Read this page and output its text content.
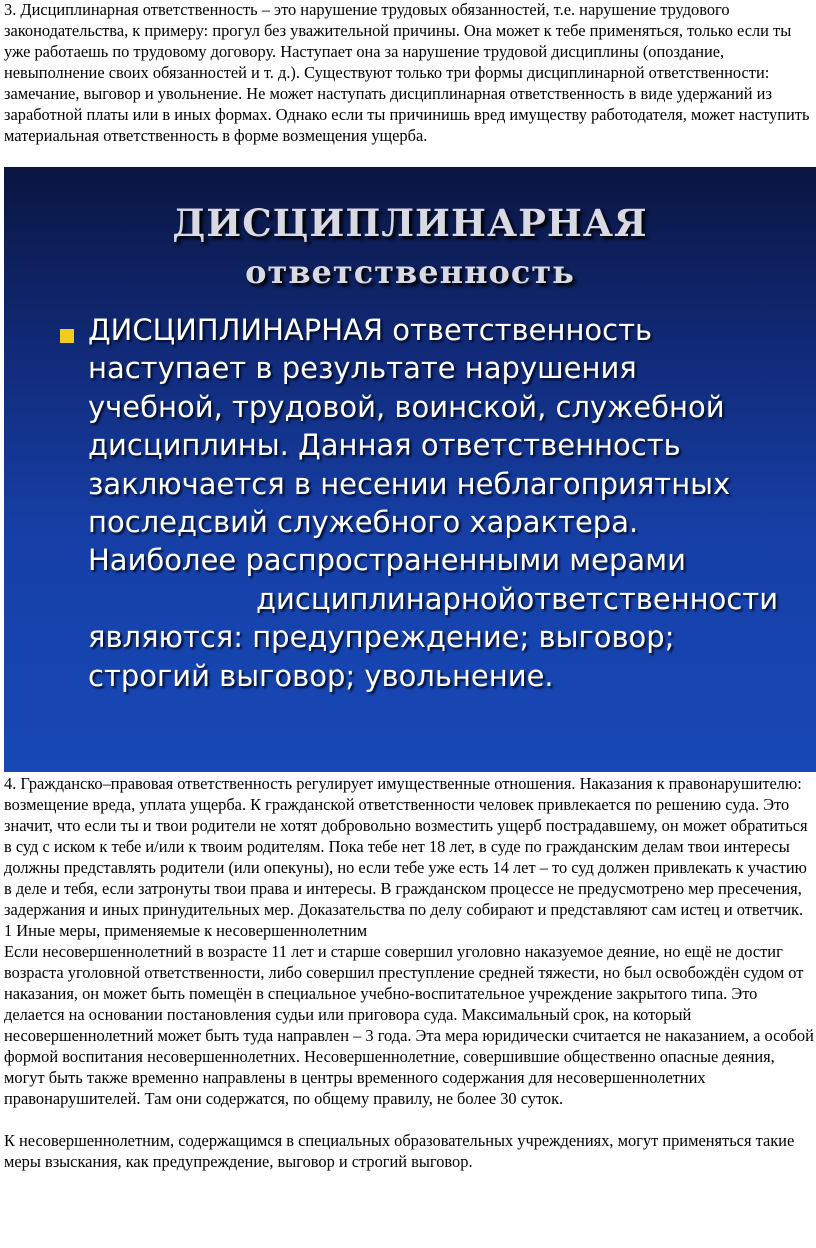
3. Дисциплинарная ответственность – это нарушение трудовых обязанностей, т.е. нарушение трудового законодательства, к примеру: прогул без уважительной причины. Она может к тебе применяться, только если ты уже работаешь по трудовому договору. Наступает она за нарушение трудовой дисциплины (опоздание, невыполнение своих обязанностей и т. д.). Существуют только три формы дисциплинарной ответственности: замечание, выговор и увольнение. Не может наступать дисциплинарная ответственность в виде удержаний из заработной платы или в иных формах. Однако если ты причинишь вред имуществу работодателя, может наступить материальная ответственность в форме возмещения ущерба.

ДИСЦИПЛИНАРНАЯ
ответственность
ДИСЦИПЛИНАРНАЯ ответственность
наступает в результате нарушения
учебной, трудовой, воинской, служебной
дисциплины. Данная ответственность
заключается в несении неблагоприятных
последсвий служебного характера.
Наиболее распространенными мерами
дисциплинарнойответственности
являются: предупреждение; выговор;
строгий выговор; увольнение.

4. Гражданско–правовая ответственность регулирует имущественные отношения. Наказания к правонарушителю: возмещение вреда, уплата ущерба. К гражданской ответственности человек привлекается по решению суда. Это значит, что если ты и твои родители не хотят добровольно возместить ущерб пострадавшему, он может обратиться в суд с иском к тебе и/или к твоим родителям. Пока тебе нет 18 лет, в суде по гражданским делам твои интересы должны представлять родители (или опекуны), но если тебе уже есть 14 лет – то суд должен привлекать к участию в деле и тебя, если затронуты твои права и интересы. В гражданском процессе не предусмотрено мер пресечения, задержания и иных принудительных мер. Доказательства по делу собирают и представляют сам истец и ответчик.

1 Иные меры, применяемые к несовершеннолетним

Если несовершеннолетний в возрасте 11 лет и старше совершил уголовно наказуемое деяние, но ещё не достиг возраста уголовной ответственности, либо совершил преступление средней тяжести, но был освобождён судом от наказания, он может быть помещён в специальное учебно-воспитательное учреждение закрытого типа. Это делается на основании постановления судьи или приговора суда. Максимальный срок, на который несовершеннолетний может быть туда направлен – 3 года. Эта мера юридически считается не наказанием, а особой формой воспитания несовершеннолетних. Несовершеннолетние, совершившие общественно опасные деяния, могут быть также временно направлены в центры временного содержания для несовершеннолетних правонарушителей. Там они содержатся, по общему правилу, не более 30 суток.

К несовершеннолетним, содержащимся в специальных образовательных учреждениях, могут применяться такие меры взыскания, как предупреждение, выговор и строгий выговор.
